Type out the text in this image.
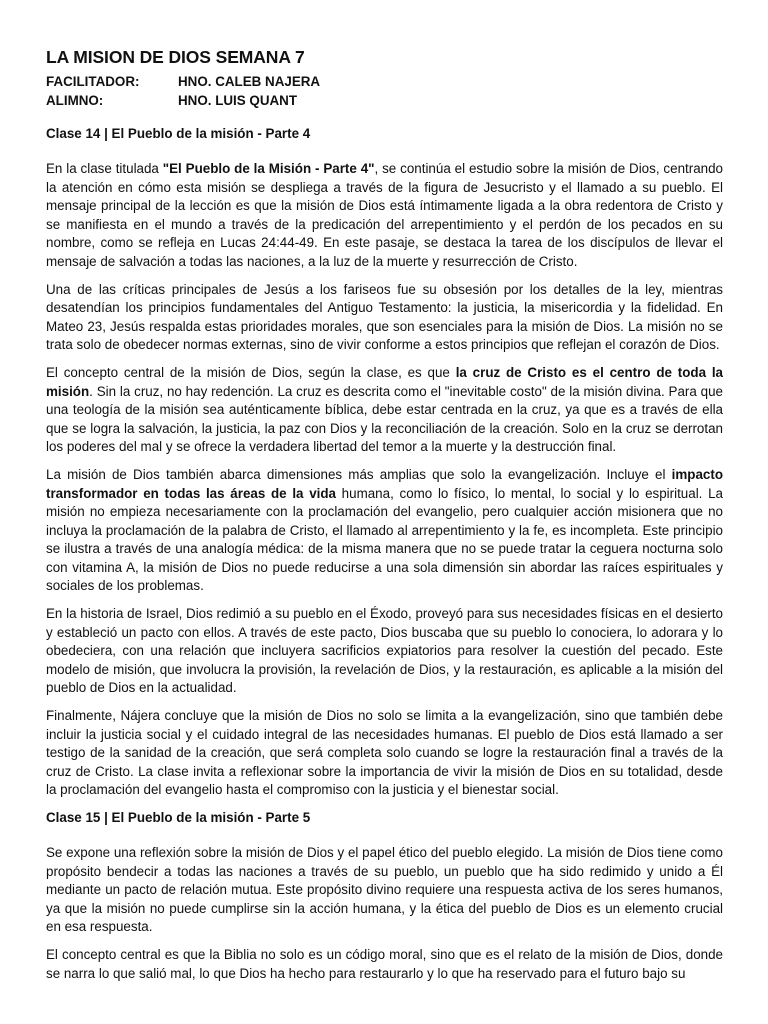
LA MISION DE DIOS SEMANA 7
FACILITADOR:	HNO. CALEB NAJERA
ALIMNO:	HNO. LUIS QUANT
Clase 14 | El Pueblo de la misión - Parte 4

En la clase titulada "El Pueblo de la Misión - Parte 4", se continúa el estudio sobre la misión de Dios, centrando la atención en cómo esta misión se despliega a través de la figura de Jesucristo y el llamado a su pueblo. El mensaje principal de la lección es que la misión de Dios está íntimamente ligada a la obra redentora de Cristo y se manifiesta en el mundo a través de la predicación del arrepentimiento y el perdón de los pecados en su nombre, como se refleja en Lucas 24:44-49. En este pasaje, se destaca la tarea de los discípulos de llevar el mensaje de salvación a todas las naciones, a la luz de la muerte y resurrección de Cristo.

Una de las críticas principales de Jesús a los fariseos fue su obsesión por los detalles de la ley, mientras desatendían los principios fundamentales del Antiguo Testamento: la justicia, la misericordia y la fidelidad. En Mateo 23, Jesús respalda estas prioridades morales, que son esenciales para la misión de Dios. La misión no se trata solo de obedecer normas externas, sino de vivir conforme a estos principios que reflejan el corazón de Dios.

El concepto central de la misión de Dios, según la clase, es que la cruz de Cristo es el centro de toda la misión. Sin la cruz, no hay redención. La cruz es descrita como el "inevitable costo" de la misión divina. Para que una teología de la misión sea auténticamente bíblica, debe estar centrada en la cruz, ya que es a través de ella que se logra la salvación, la justicia, la paz con Dios y la reconciliación de la creación. Solo en la cruz se derrotan los poderes del mal y se ofrece la verdadera libertad del temor a la muerte y la destrucción final.

La misión de Dios también abarca dimensiones más amplias que solo la evangelización. Incluye el impacto transformador en todas las áreas de la vida humana, como lo físico, lo mental, lo social y lo espiritual. La misión no empieza necesariamente con la proclamación del evangelio, pero cualquier acción misionera que no incluya la proclamación de la palabra de Cristo, el llamado al arrepentimiento y la fe, es incompleta. Este principio se ilustra a través de una analogía médica: de la misma manera que no se puede tratar la ceguera nocturna solo con vitamina A, la misión de Dios no puede reducirse a una sola dimensión sin abordar las raíces espirituales y sociales de los problemas.

En la historia de Israel, Dios redimió a su pueblo en el Éxodo, proveyó para sus necesidades físicas en el desierto y estableció un pacto con ellos. A través de este pacto, Dios buscaba que su pueblo lo conociera, lo adorara y lo obedeciera, con una relación que incluyera sacrificios expiatorios para resolver la cuestión del pecado. Este modelo de misión, que involucra la provisión, la revelación de Dios, y la restauración, es aplicable a la misión del pueblo de Dios en la actualidad.

Finalmente, Nájera concluye que la misión de Dios no solo se limita a la evangelización, sino que también debe incluir la justicia social y el cuidado integral de las necesidades humanas. El pueblo de Dios está llamado a ser testigo de la sanidad de la creación, que será completa solo cuando se logre la restauración final a través de la cruz de Cristo. La clase invita a reflexionar sobre la importancia de vivir la misión de Dios en su totalidad, desde la proclamación del evangelio hasta el compromiso con la justicia y el bienestar social.

Clase 15 | El Pueblo de la misión - Parte 5

Se expone una reflexión sobre la misión de Dios y el papel ético del pueblo elegido. La misión de Dios tiene como propósito bendecir a todas las naciones a través de su pueblo, un pueblo que ha sido redimido y unido a Él mediante un pacto de relación mutua. Este propósito divino requiere una respuesta activa de los seres humanos, ya que la misión no puede cumplirse sin la acción humana, y la ética del pueblo de Dios es un elemento crucial en esa respuesta.

El concepto central es que la Biblia no solo es un código moral, sino que es el relato de la misión de Dios, donde se narra lo que salió mal, lo que Dios ha hecho para restaurarlo y lo que ha reservado para el futuro bajo su
